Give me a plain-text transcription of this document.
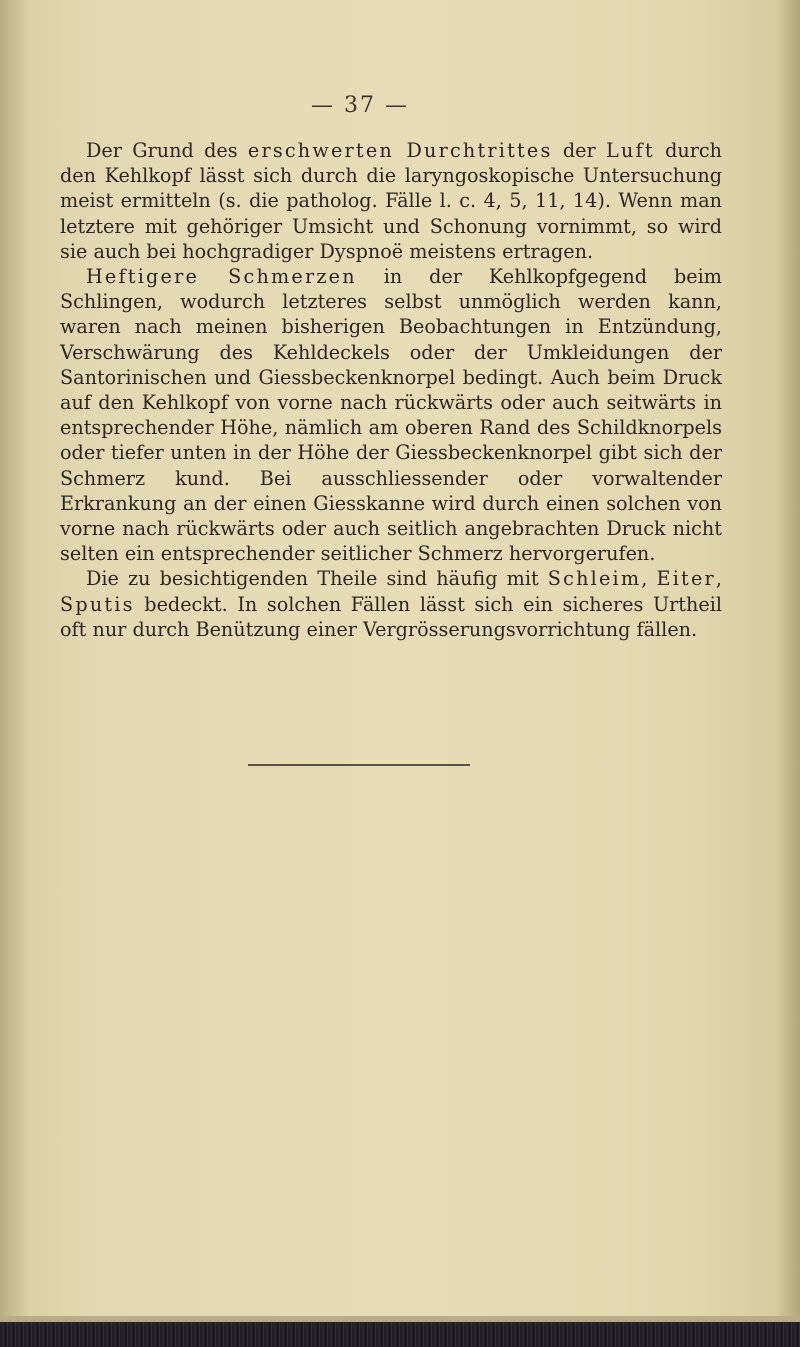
— 37 —

Der Grund des erschwerten Durchtrittes der Luft durch den Kehlkopf lässt sich durch die laryngoskopische Untersuchung meist ermitteln (s. die patholog. Fälle l. c. 4, 5, 11, 14). Wenn man letztere mit gehöriger Umsicht und Schonung vornimmt, so wird sie auch bei hochgradiger Dyspnoë meistens ertragen.

Heftigere Schmerzen in der Kehlkopfgegend beim Schlingen, wodurch letzteres selbst unmöglich werden kann, waren nach meinen bisherigen Beobachtungen in Entzündung, Verschwärung des Kehldeckels oder der Umkleidungen der Santorinischen und Giessbeckenknorpel bedingt. Auch beim Druck auf den Kehlkopf von vorne nach rückwärts oder auch seitwärts in entsprechender Höhe, nämlich am oberen Rand des Schildknorpels oder tiefer unten in der Höhe der Giessbeckenknorpel gibt sich der Schmerz kund. Bei ausschliessender oder vorwaltender Erkrankung an der einen Giesskanne wird durch einen solchen von vorne nach rückwärts oder auch seitlich angebrachten Druck nicht selten ein entsprechender seitlicher Schmerz hervorgerufen.

Die zu besichtigenden Theile sind häufig mit Schleim, Eiter, Sputis bedeckt. In solchen Fällen lässt sich ein sicheres Urtheil oft nur durch Benützung einer Vergrösserungsvorrichtung fällen.
